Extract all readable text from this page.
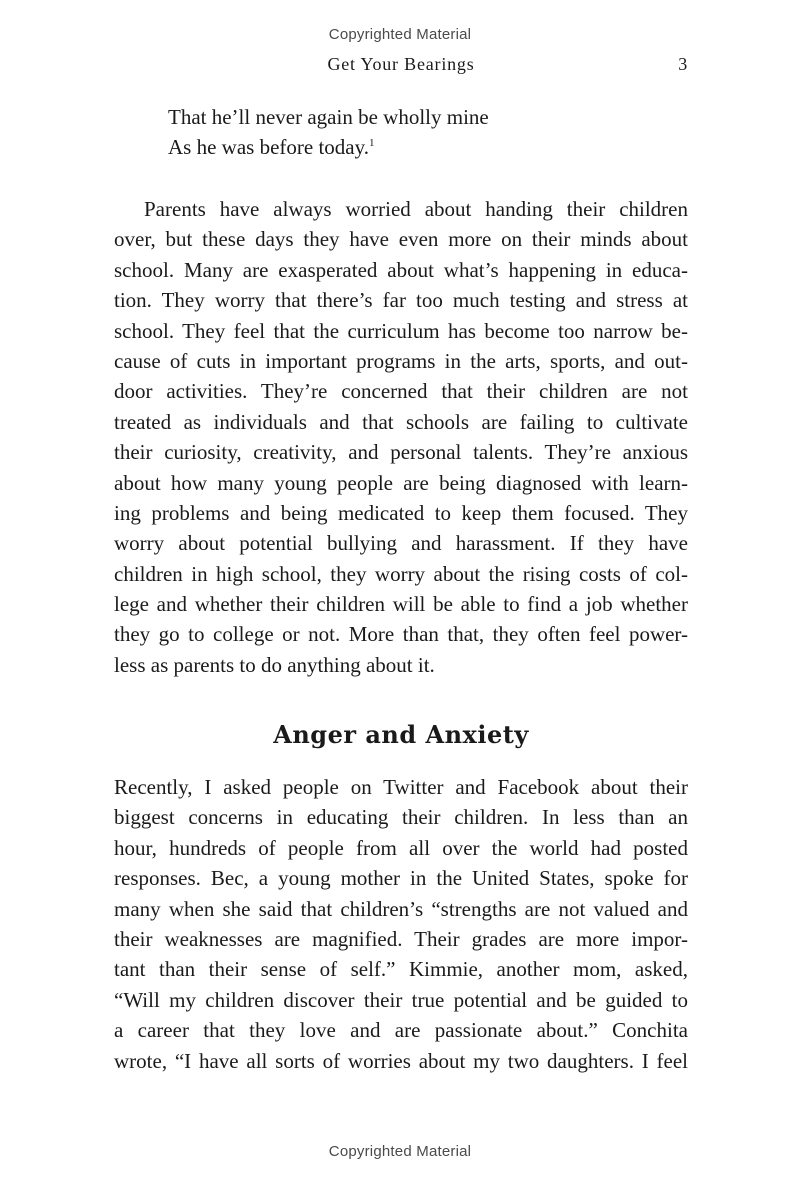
Copyrighted Material
Get Your Bearings	3
That he’ll never again be wholly mine
As he was before today.$^1$
Parents have always worried about handing their children
over, but these days they have even more on their minds about
school. Many are exasperated about what’s happening in educa-
tion. They worry that there’s far too much testing and stress at
school. They feel that the curriculum has become too narrow be-
cause of cuts in important programs in the arts, sports, and out-
door activities. They’re concerned that their children are not
treated as individuals and that schools are failing to cultivate
their curiosity, creativity, and personal talents. They’re anxious
about how many young people are being diagnosed with learn-
ing problems and being medicated to keep them focused. They
worry about potential bullying and harassment. If they have
children in high school, they worry about the rising costs of col-
lege and whether their children will be able to find a job whether
they go to college or not. More than that, they often feel power-
less as parents to do anything about it.
Anger and Anxiety
Recently, I asked people on Twitter and Facebook about their
biggest concerns in educating their children. In less than an
hour, hundreds of people from all over the world had posted
responses. Bec, a young mother in the United States, spoke for
many when she said that children’s “strengths are not valued and
their weaknesses are magnified. Their grades are more impor-
tant than their sense of self.” Kimmie, another mom, asked,
“Will my children discover their true potential and be guided to
a career that they love and are passionate about.” Conchita
wrote, “I have all sorts of worries about my two daughters. I feel
Copyrighted Material
